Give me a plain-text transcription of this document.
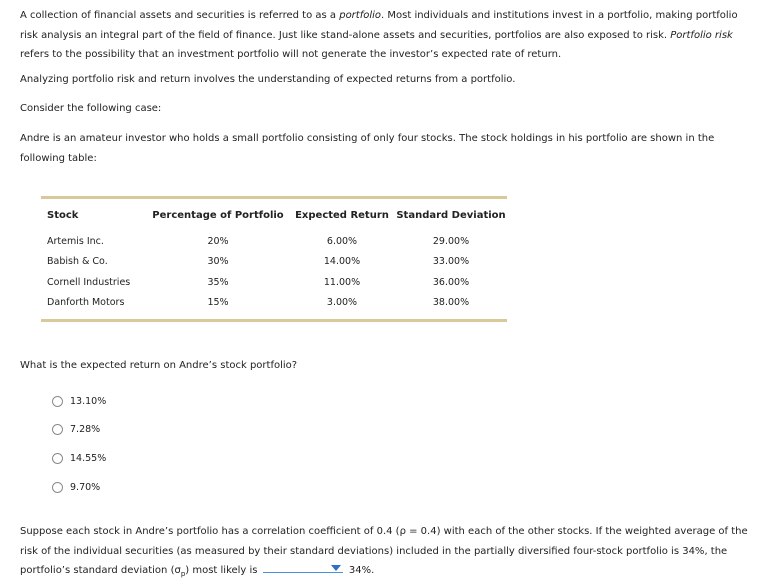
A collection of financial assets and securities is referred to as a portfolio. Most individuals and institutions invest in a portfolio, making portfolio risk analysis an integral part of the field of finance. Just like stand-alone assets and securities, portfolios are also exposed to risk. Portfolio risk refers to the possibility that an investment portfolio will not generate the investor’s expected rate of return.

Analyzing portfolio risk and return involves the understanding of expected returns from a portfolio.

Consider the following case:

Andre is an amateur investor who holds a small portfolio consisting of only four stocks. The stock holdings in his portfolio are shown in the following table:

Stock	Percentage of Portfolio	Expected Return	Standard Deviation
Artemis Inc.	20%	6.00%	29.00%
Babish & Co.	30%	14.00%	33.00%
Cornell Industries	35%	11.00%	36.00%
Danforth Motors	15%	3.00%	38.00%

What is the expected return on Andre’s stock portfolio?

13.10%
7.28%
14.55%
9.70%

Suppose each stock in Andre’s portfolio has a correlation coefficient of 0.4 (ρ = 0.4) with each of the other stocks. If the weighted average of the risk of the individual securities (as measured by their standard deviations) included in the partially diversified four-stock portfolio is 34%, the portfolio’s standard deviation $(\sigma_p)$ most likely is	34%.
